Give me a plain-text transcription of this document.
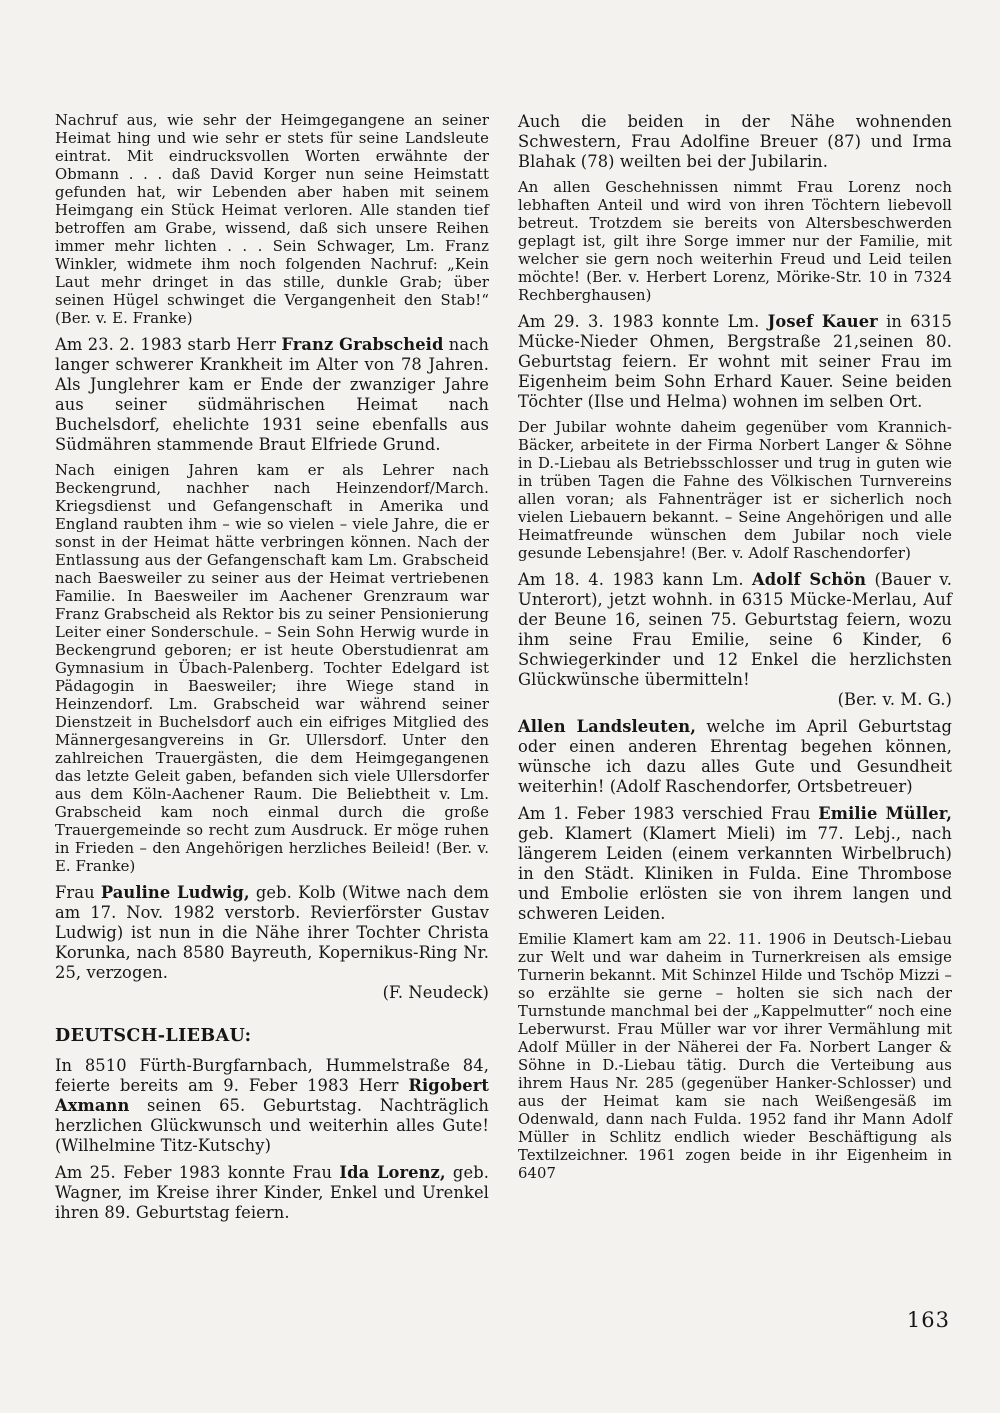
Nachruf aus, wie sehr der Heimgegangene an seiner Heimat hing und wie sehr er stets für seine Landsleute eintrat. Mit eindrucksvollen Worten erwähnte der Obmann . . . daß David Korger nun seine Heimstatt gefunden hat, wir Lebenden aber haben mit seinem Heimgang ein Stück Heimat verloren. Alle standen tief betroffen am Grabe, wissend, daß sich unsere Reihen immer mehr lichten . . . Sein Schwager, Lm. Franz Winkler, widmete ihm noch folgenden Nachruf: „Kein Laut mehr dringet in das stille, dunkle Grab; über seinen Hügel schwinget die Vergangenheit den Stab!“ (Ber. v. E. Franke)

Am 23. 2. 1983 starb Herr Franz Grabscheid nach langer schwerer Krankheit im Alter von 78 Jahren. Als Junglehrer kam er Ende der zwanziger Jahre aus seiner südmährischen Heimat nach Buchelsdorf, ehelichte 1931 seine ebenfalls aus Südmähren stammende Braut Elfriede Grund.

Nach einigen Jahren kam er als Lehrer nach Beckengrund, nachher nach Heinzendorf/March. Kriegsdienst und Gefangenschaft in Amerika und England raubten ihm – wie so vielen – viele Jahre, die er sonst in der Heimat hätte verbringen können. Nach der Entlassung aus der Gefangenschaft kam Lm. Grabscheid nach Baesweiler zu seiner aus der Heimat vertriebenen Familie. In Baesweiler im Aachener Grenzraum war Franz Grabscheid als Rektor bis zu seiner Pensionierung Leiter einer Sonderschule. – Sein Sohn Herwig wurde in Beckengrund geboren; er ist heute Oberstudienrat am Gymnasium in Übach-Palenberg. Tochter Edelgard ist Pädagogin in Baesweiler; ihre Wiege stand in Heinzendorf. Lm. Grabscheid war während seiner Dienstzeit in Buchelsdorf auch ein eifriges Mitglied des Männergesangvereins in Gr. Ullersdorf. Unter den zahlreichen Trauergästen, die dem Heimgegangenen das letzte Geleit gaben, befanden sich viele Ullersdorfer aus dem Köln-Aachener Raum. Die Beliebtheit v. Lm. Grabscheid kam noch einmal durch die große Trauergemeinde so recht zum Ausdruck. Er möge ruhen in Frieden – den Angehörigen herzliches Beileid! (Ber. v. E. Franke)

Frau Pauline Ludwig, geb. Kolb (Witwe nach dem am 17. Nov. 1982 verstorb. Revierförster Gustav Ludwig) ist nun in die Nähe ihrer Tochter Christa Korunka, nach 8580 Bayreuth, Kopernikus-Ring Nr. 25, verzogen.
(F. Neudeck)

DEUTSCH-LIEBAU:

In 8510 Fürth-Burgfarnbach, Hummelstraße 84, feierte bereits am 9. Feber 1983 Herr Rigobert Axmann seinen 65. Geburtstag. Nachträglich herzlichen Glückwunsch und weiterhin alles Gute! (Wilhelmine Titz-Kutschy)

Am 25. Feber 1983 konnte Frau Ida Lorenz, geb. Wagner, im Kreise ihrer Kinder, Enkel und Urenkel ihren 89. Geburtstag feiern.

Auch die beiden in der Nähe wohnenden Schwestern, Frau Adolfine Breuer (87) und Irma Blahak (78) weilten bei der Jubilarin.

An allen Geschehnissen nimmt Frau Lorenz noch lebhaften Anteil und wird von ihren Töchtern liebevoll betreut. Trotzdem sie bereits von Altersbeschwerden geplagt ist, gilt ihre Sorge immer nur der Familie, mit welcher sie gern noch weiterhin Freud und Leid teilen möchte! (Ber. v. Herbert Lorenz, Mörike-Str. 10 in 7324 Rechberghausen)

Am 29. 3. 1983 konnte Lm. Josef Kauer in 6315 Mücke-Nieder Ohmen, Bergstraße 21,seinen 80. Geburtstag feiern. Er wohnt mit seiner Frau im Eigenheim beim Sohn Erhard Kauer. Seine beiden Töchter (Ilse und Helma) wohnen im selben Ort.

Der Jubilar wohnte daheim gegenüber vom Krannich-Bäcker, arbeitete in der Firma Norbert Langer & Söhne in D.-Liebau als Betriebsschlosser und trug in guten wie in trüben Tagen die Fahne des Völkischen Turnvereins allen voran; als Fahnenträger ist er sicherlich noch vielen Liebauern bekannt. – Seine Angehörigen und alle Heimatfreunde wünschen dem Jubilar noch viele gesunde Lebensjahre! (Ber. v. Adolf Raschendorfer)

Am 18. 4. 1983 kann Lm. Adolf Schön (Bauer v. Unterort), jetzt wohnh. in 6315 Mücke-Merlau, Auf der Beune 16, seinen 75. Geburtstag feiern, wozu ihm seine Frau Emilie, seine 6 Kinder, 6 Schwiegerkinder und 12 Enkel die herzlichsten Glückwünsche übermitteln!
(Ber. v. M. G.)

Allen Landsleuten, welche im April Geburtstag oder einen anderen Ehrentag begehen können, wünsche ich dazu alles Gute und Gesundheit weiterhin! (Adolf Raschendorfer, Ortsbetreuer)

Am 1. Feber 1983 verschied Frau Emilie Müller, geb. Klamert (Klamert Mieli) im 77. Lebj., nach längerem Leiden (einem verkannten Wirbelbruch) in den Städt. Kliniken in Fulda. Eine Thrombose und Embolie erlösten sie von ihrem langen und schweren Leiden.

Emilie Klamert kam am 22. 11. 1906 in Deutsch-Liebau zur Welt und war daheim in Turnerkreisen als emsige Turnerin bekannt. Mit Schinzel Hilde und Tschöp Mizzi – so erzählte sie gerne – holten sie sich nach der Turnstunde manchmal bei der „Kappelmutter“ noch eine Leberwurst. Frau Müller war vor ihrer Vermählung mit Adolf Müller in der Näherei der Fa. Norbert Langer & Söhne in D.-Liebau tätig. Durch die Verteibung aus ihrem Haus Nr. 285 (gegenüber Hanker-Schlosser) und aus der Heimat kam sie nach Weißengesäß im Odenwald, dann nach Fulda. 1952 fand ihr Mann Adolf Müller in Schlitz endlich wieder Beschäftigung als Textilzeichner. 1961 zogen beide in ihr Eigenheim in 6407

163
